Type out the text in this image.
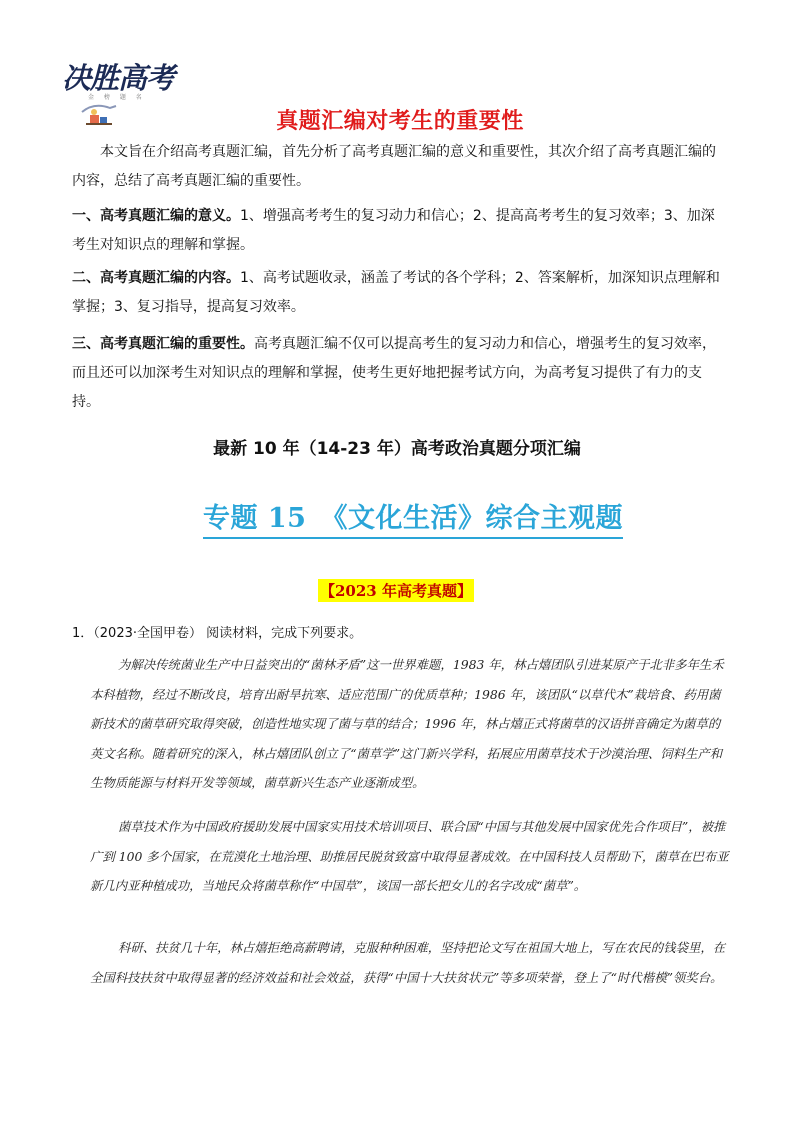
决胜高考
金 榜 题 名
真题汇编对考生的重要性
本文旨在介绍高考真题汇编，首先分析了高考真题汇编的意义和重要性，其次介绍了高考真题汇编的内容，总结了高考真题汇编的重要性。
一、高考真题汇编的意义。1、增强高考考生的复习动力和信心；2、提高高考考生的复习效率；3、加深考生对知识点的理解和掌握。
二、高考真题汇编的内容。1、高考试题收录，涵盖了考试的各个学科；2、答案解析，加深知识点理解和掌握；3、复习指导，提高复习效率。
三、高考真题汇编的重要性。高考真题汇编不仅可以提高考生的复习动力和信心，增强考生的复习效率，而且还可以加深考生对知识点的理解和掌握，使考生更好地把握考试方向，为高考复习提供了有力的支持。
最新 10 年（14-23 年）高考政治真题分项汇编
专题 15　《文化生活》综合主观题
【2023 年高考真题】
1．（2023·全国甲卷） 阅读材料，完成下列要求。
为解决传统菌业生产中日益突出的“菌林矛盾”这一世界难题，1983 年，林占熺团队引进某原产于北非多年生禾本科植物，经过不断改良，培育出耐旱抗寒、适应范围广的优质草种；1986 年，该团队“以草代木”栽培食、药用菌新技术的菌草研究取得突破，创造性地实现了菌与草的结合；1996 年，林占熺正式将菌草的汉语拼音确定为菌草的英文名称。随着研究的深入，林占熺团队创立了“菌草学”这门新兴学科，拓展应用菌草技术于沙漠治理、饲料生产和生物质能源与材料开发等领域，菌草新兴生态产业逐渐成型。
菌草技术作为中国政府援助发展中国家实用技术培训项目、联合国“中国与其他发展中国家优先合作项目”，被推广到 100 多个国家，在荒漠化土地治理、助推居民脱贫致富中取得显著成效。在中国科技人员帮助下，菌草在巴布亚新几内亚种植成功，当地民众将菌草称作“中国草”，该国一部长把女儿的名字改成“菌草”。
科研、扶贫几十年，林占熺拒绝高薪聘请，克服种种困难，坚持把论文写在祖国大地上，写在农民的钱袋里，在全国科技扶贫中取得显著的经济效益和社会效益，获得“中国十大扶贫状元”等多项荣誉，登上了“时代楷模”领奖台。
